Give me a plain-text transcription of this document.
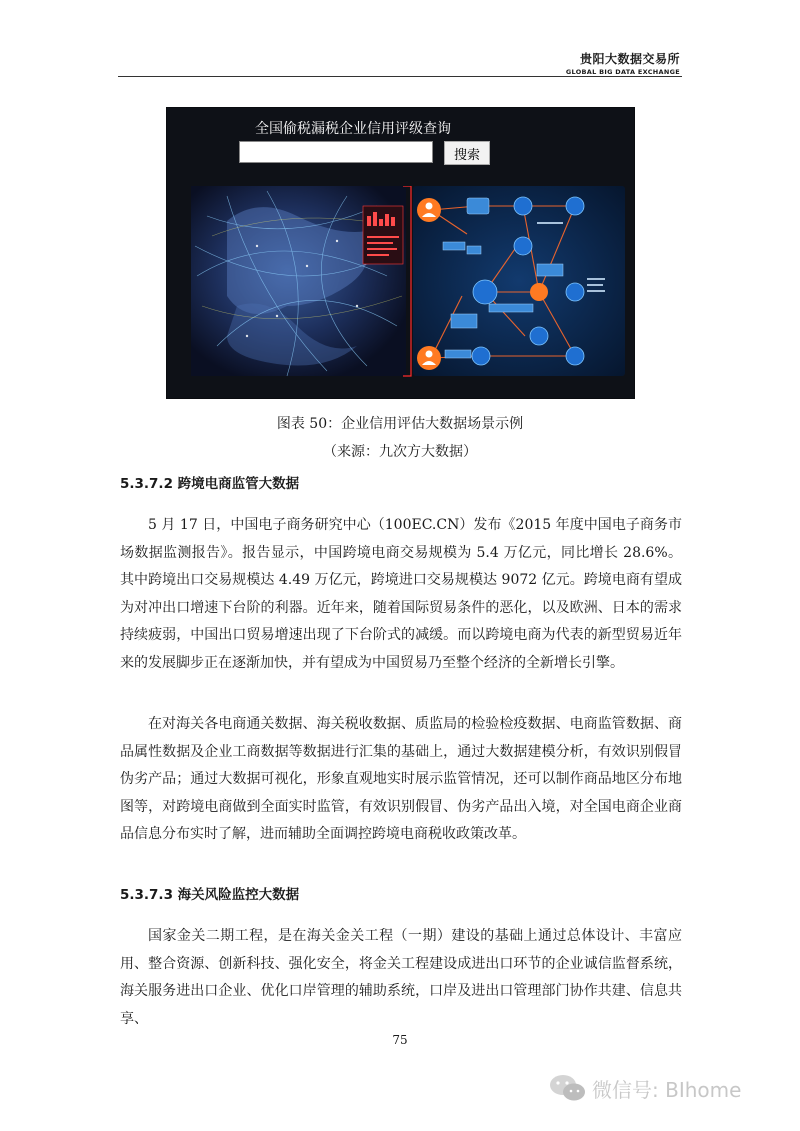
贵阳大数据交易所
GLOBAL BIG DATA EXCHANGE
全国偷税漏税企业信用评级查询
搜索
图表 50：企业信用评估大数据场景示例
（来源：九次方大数据）
5.3.7.2 跨境电商监管大数据
5 月 17 日，中国电子商务研究中心（100EC.CN）发布《2015 年度中国电子商务市场数据监测报告》。报告显示，中国跨境电商交易规模为 5.4 万亿元，同比增长 28.6%。其中跨境出口交易规模达 4.49 万亿元，跨境进口交易规模达 9072 亿元。跨境电商有望成为对冲出口增速下台阶的利器。近年来，随着国际贸易条件的恶化，以及欧洲、日本的需求持续疲弱，中国出口贸易增速出现了下台阶式的减缓。而以跨境电商为代表的新型贸易近年来的发展脚步正在逐渐加快，并有望成为中国贸易乃至整个经济的全新增长引擎。
在对海关各电商通关数据、海关税收数据、质监局的检验检疫数据、电商监管数据、商品属性数据及企业工商数据等数据进行汇集的基础上，通过大数据建模分析，有效识别假冒伪劣产品；通过大数据可视化，形象直观地实时展示监管情况，还可以制作商品地区分布地图等，对跨境电商做到全面实时监管，有效识别假冒、伪劣产品出入境，对全国电商企业商品信息分布实时了解，进而辅助全面调控跨境电商税收政策改革。
5.3.7.3 海关风险监控大数据
国家金关二期工程，是在海关金关工程（一期）建设的基础上通过总体设计、丰富应用、整合资源、创新科技、强化安全，将金关工程建设成进出口环节的企业诚信监督系统，海关服务进出口企业、优化口岸管理的辅助系统，口岸及进出口管理部门协作共建、信息共享、
75
微信号: BIhome
